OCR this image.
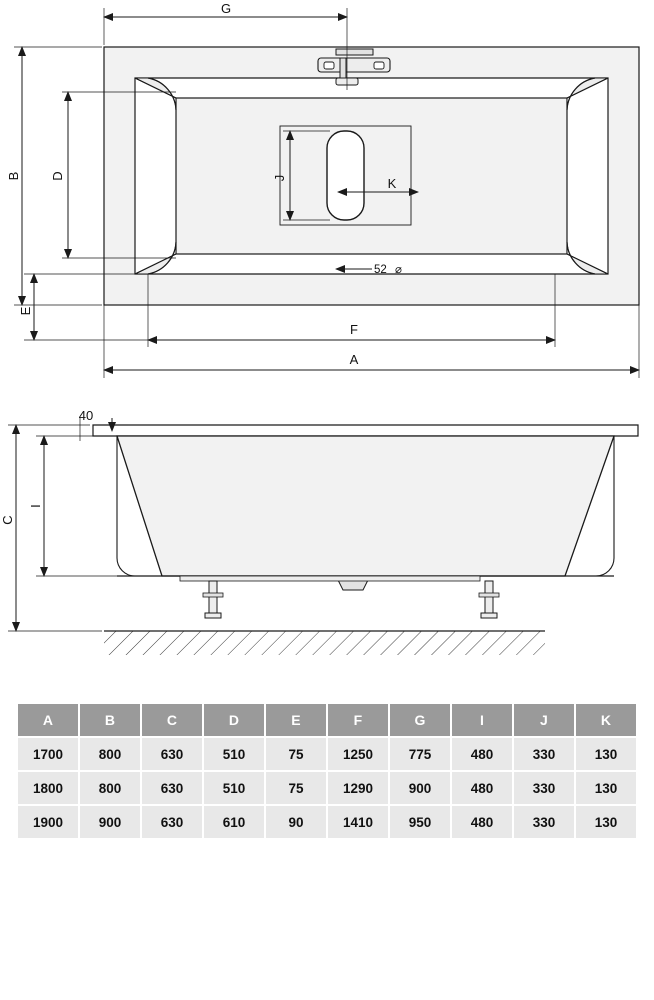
52 ⌀
G
B D
E
J	K
F
A
40
I
C
A	B	C	D	E	F	G	I	J	K
1700	800	630	510	75	1250	775	480	330	130
1800	800	630	510	75	1290	900	480	330	130
1900	900	630	610	90	1410	950	480	330	130
